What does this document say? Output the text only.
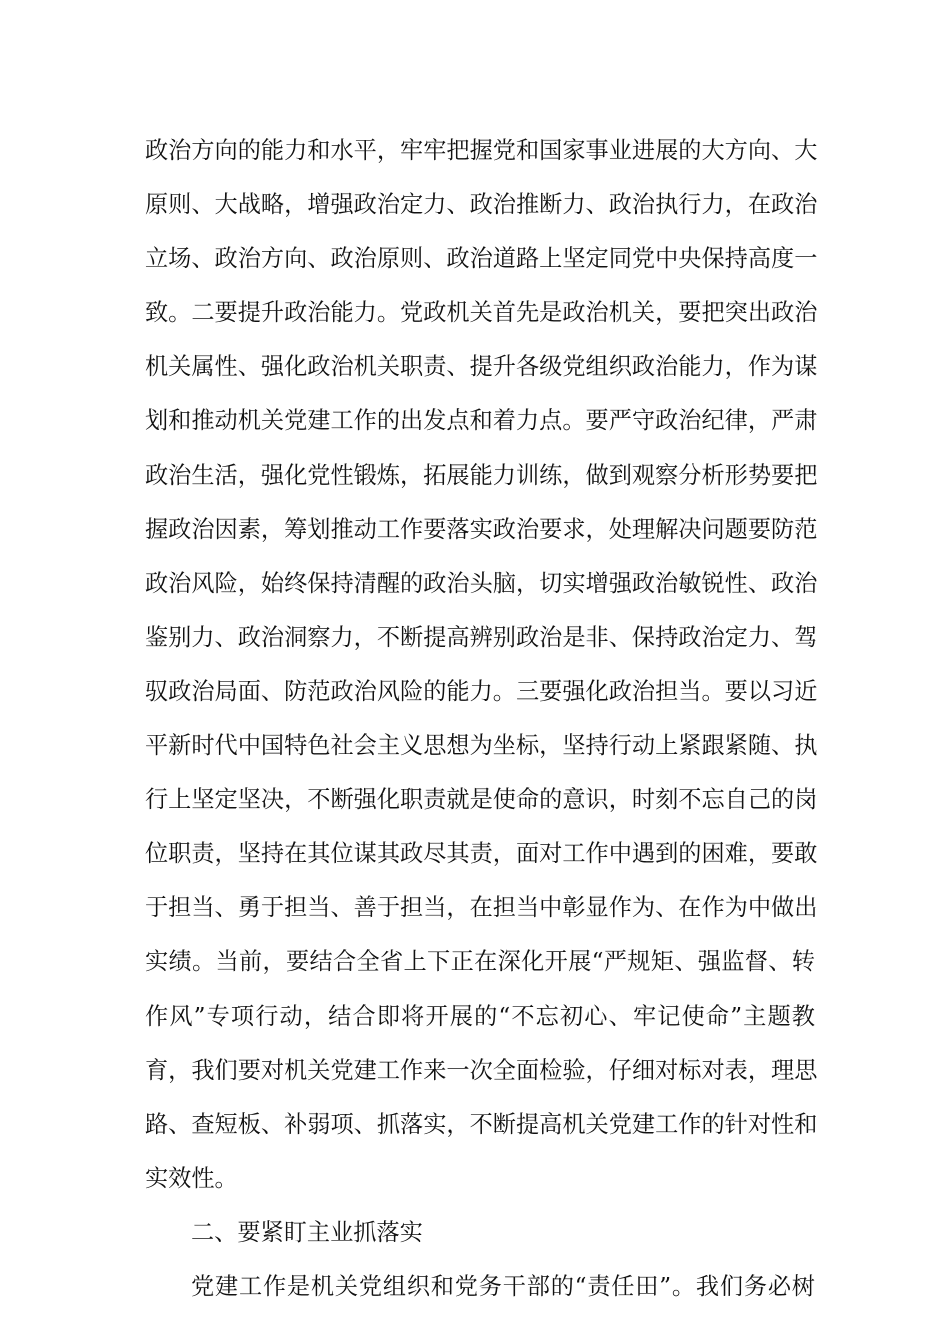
政治方向的能力和水平，牢牢把握党和国家事业进展的大方向、大
原则、大战略，增强政治定力、政治推断力、政治执行力，在政治
立场、政治方向、政治原则、政治道路上坚定同党中央保持高度一
致。二要提升政治能力。党政机关首先是政治机关，要把突出政治
机关属性、强化政治机关职责、提升各级党组织政治能力，作为谋
划和推动机关党建工作的出发点和着力点。要严守政治纪律，严肃
政治生活，强化党性锻炼，拓展能力训练，做到观察分析形势要把
握政治因素，筹划推动工作要落实政治要求，处理解决问题要防范
政治风险，始终保持清醒的政治头脑，切实增强政治敏锐性、政治
鉴别力、政治洞察力，不断提高辨别政治是非、保持政治定力、驾
驭政治局面、防范政治风险的能力。三要强化政治担当。要以习近
平新时代中国特色社会主义思想为坐标，坚持行动上紧跟紧随、执
行上坚定坚决，不断强化职责就是使命的意识，时刻不忘自己的岗
位职责，坚持在其位谋其政尽其责，面对工作中遇到的困难，要敢
于担当、勇于担当、善于担当，在担当中彰显作为、在作为中做出
实绩。当前，要结合全省上下正在深化开展“严规矩、强监督、转
作风”专项行动，结合即将开展的“不忘初心、牢记使命”主题教
育，我们要对机关党建工作来一次全面检验，仔细对标对表，理思
路、查短板、补弱项、抓落实，不断提高机关党建工作的针对性和
实效性。
二、要紧盯主业抓落实
党建工作是机关党组织和党务干部的“责任田”。我们务必树
